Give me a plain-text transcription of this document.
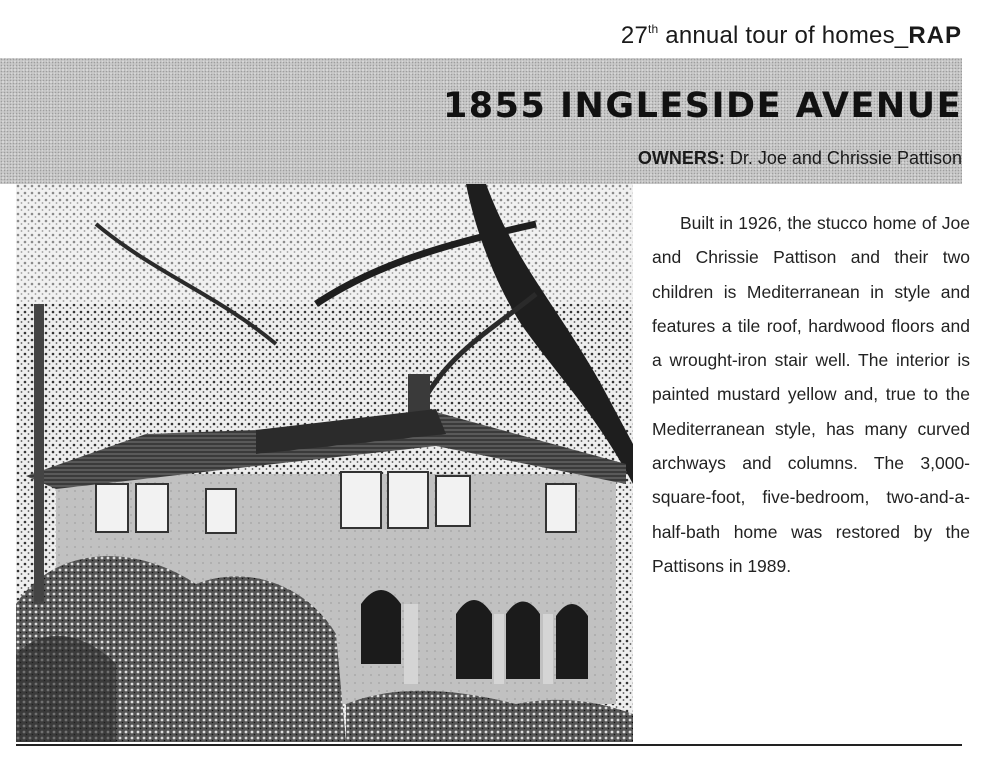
27th annual tour of homes_RAP
1855 INGLESIDE AVENUE
OWNERS: Dr. Joe and Chrissie Pattison
Built in 1926, the stucco home of Joe and Chrissie Pattison and their two children is Mediterranean in style and features a tile roof, hardwood floors and a wrought-iron stair well. The interior is painted mustard yellow and, true to the Mediterranean style, has many curved archways and columns. The 3,000-square-foot, five-bedroom, two-and-a-half-bath home was restored by the Pattisons in 1989.
